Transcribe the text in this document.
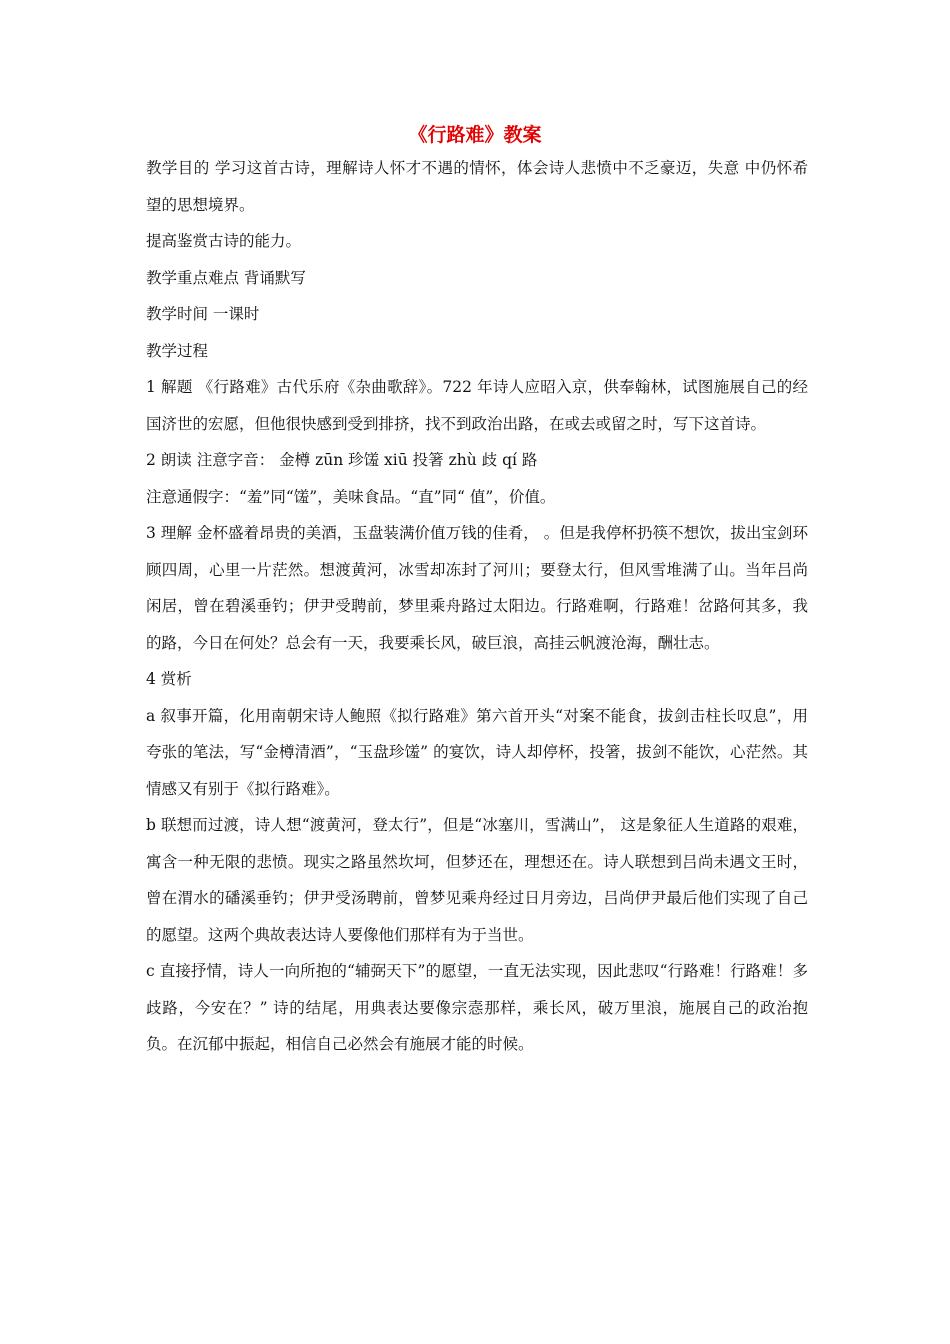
《行路难》教案

教学目的 学习这首古诗，理解诗人怀才不遇的情怀，体会诗人悲愤中不乏豪迈，失意 中仍怀希 望的思想境界。

提高鉴赏古诗的能力。

教学重点难点 背诵默写

教学时间 一课时

教学过程

1 解题 《行路难》古代乐府《杂曲歌辞》。722 年诗人应昭入京，供奉翰林，试图施展自己的经国济世的宏愿，但他很快感到受到排挤，找不到政治出路，在或去或留之时，写下这首诗。

2 朗读 注意字音： 金樽 zūn 珍馐 xiū 投箸 zhù 歧 qí 路

注意通假字：“羞”同“馐”，美味食品。“直”同“ 值”，价值。

3 理解 金杯盛着昂贵的美酒，玉盘装满价值万钱的佳肴， 。但是我停杯扔筷不想饮，拔出宝剑环顾四周，心里一片茫然。想渡黄河，冰雪却冻封了河川；要登太行，但风雪堆满了山。当年吕尚闲居，曾在碧溪垂钓；伊尹受聘前，梦里乘舟路过太阳边。行路难啊，行路难！岔路何其多，我的路，今日在何处？总会有一天，我要乘长风，破巨浪，高挂云帆渡沧海，酬壮志。

4 赏析

a 叙事开篇，化用南朝宋诗人鲍照《拟行路难》第六首开头“对案不能食，拔剑击柱长叹息”，用夸张的笔法，写“金樽清酒”，“玉盘珍馐” 的宴饮，诗人却停杯，投箸，拔剑不能饮，心茫然。其情感又有别于《拟行路难》。

b 联想而过渡，诗人想“渡黄河，登太行”，但是“冰塞川，雪满山”， 这是象征人生道路的艰难，寓含一种无限的悲愤。现实之路虽然坎坷，但梦还在，理想还在。诗人联想到吕尚未遇文王时，曾在渭水的磻溪垂钓；伊尹受汤聘前，曾梦见乘舟经过日月旁边，吕尚伊尹最后他们实现了自己的愿望。这两个典故表达诗人要像他们那样有为于当世。

c 直接抒情，诗人一向所抱的“辅弼天下”的愿望，一直无法实现，因此悲叹“行路难！行路难！多歧路，今安在？” 诗的结尾，用典表达要像宗悫那样，乘长风，破万里浪，施展自己的政治抱负。在沉郁中振起，相信自己必然会有施展才能的时候。
